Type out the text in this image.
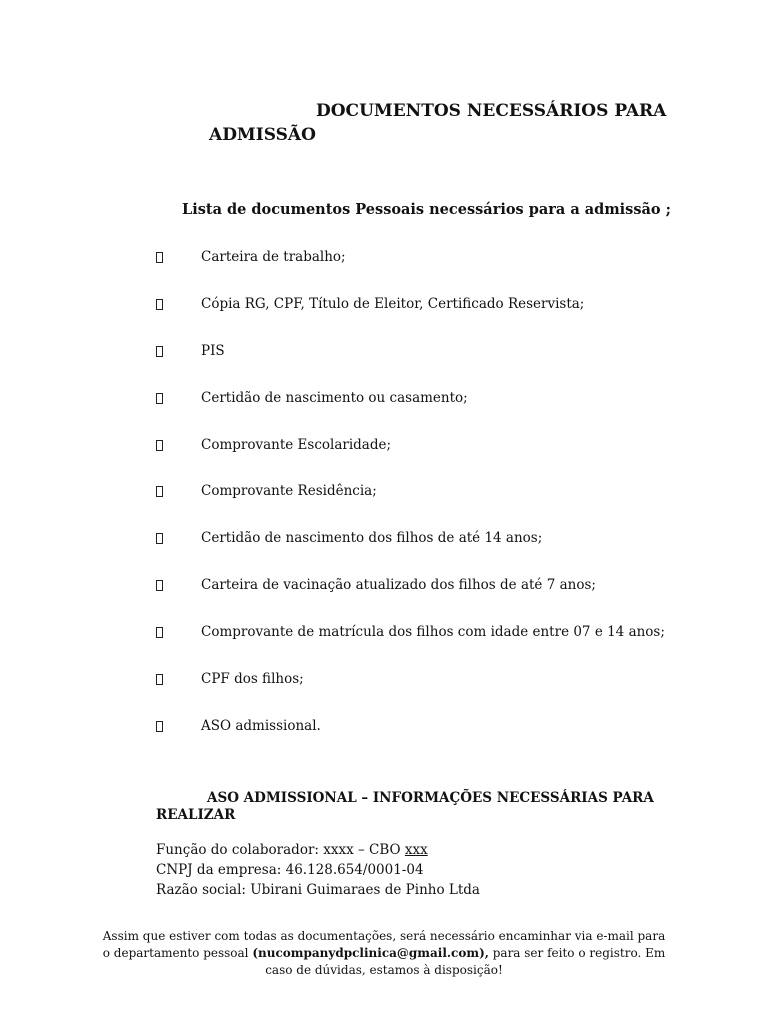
DOCUMENTOS NECESSÁRIOS PARA
ADMISSÃO
Lista de documentos Pessoais necessários para a admissão ;
Carteira de trabalho;
Cópia RG, CPF, Título de Eleitor, Certificado Reservista;
PIS
Certidão de nascimento ou casamento;
Comprovante Escolaridade;
Comprovante Residência;
Certidão de nascimento dos filhos de até 14 anos;
Carteira de vacinação atualizado dos filhos de até 7 anos;
Comprovante de matrícula dos filhos com idade entre 07 e 14 anos;
CPF dos filhos;
ASO admissional.
ASO ADMISSIONAL – INFORMAÇÕES NECESSÁRIAS PARA
REALIZAR
Função do colaborador: xxxx – CBO xxx
CNPJ da empresa: 46.128.654/0001-04
Razão social: Ubirani Guimaraes de Pinho Ltda
Assim que estiver com todas as documentações, será necessário encaminhar via e-mail para o departamento pessoal (nucompanydpclinica@gmail.com), para ser feito o registro. Em caso de dúvidas, estamos à disposição!
